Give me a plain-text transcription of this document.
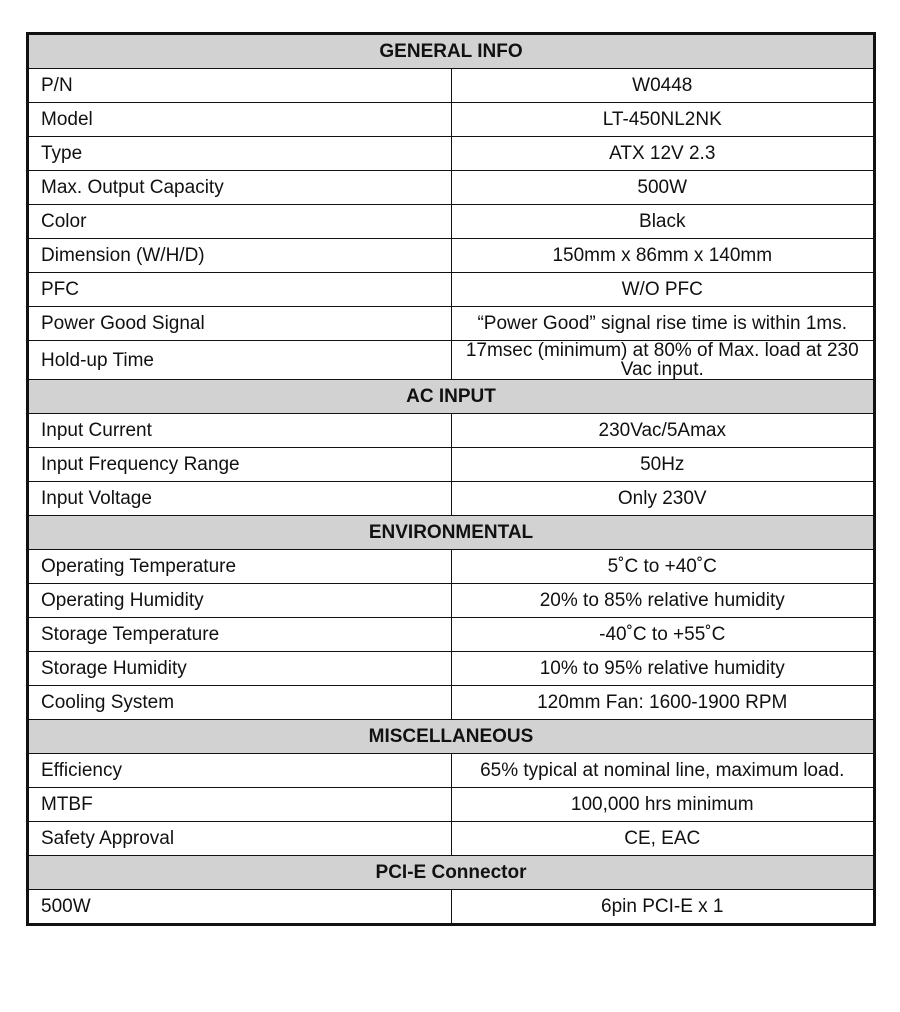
GENERAL INFO	
P/N	W0448
Model	LT-450NL2NK
Type	ATX 12V 2.3
Max. Output Capacity	500W
Color	Black
Dimension (W/H/D)	150mm x 86mm x 140mm
PFC	W/O PFC
Power Good Signal	“Power Good” signal rise time is within 1ms.
Hold-up Time	17msec (minimum) at 80% of Max. load at 230 Vac input.
AC INPUT	
Input Current	230Vac/5Amax
Input Frequency Range	50Hz
Input Voltage	Only 230V
ENVIRONMENTAL	
Operating Temperature	5˚C to +40˚C
Operating Humidity	20% to 85% relative humidity
Storage Temperature	-40˚C to +55˚C
Storage Humidity	10% to 95% relative humidity
Cooling System	120mm Fan: 1600-1900 RPM
MISCELLANEOUS	
Efficiency	65% typical at nominal line, maximum load.
MTBF	100,000 hrs minimum
Safety Approval	CE, EAC
PCI-E Connector	
500W	6pin PCI-E x 1
